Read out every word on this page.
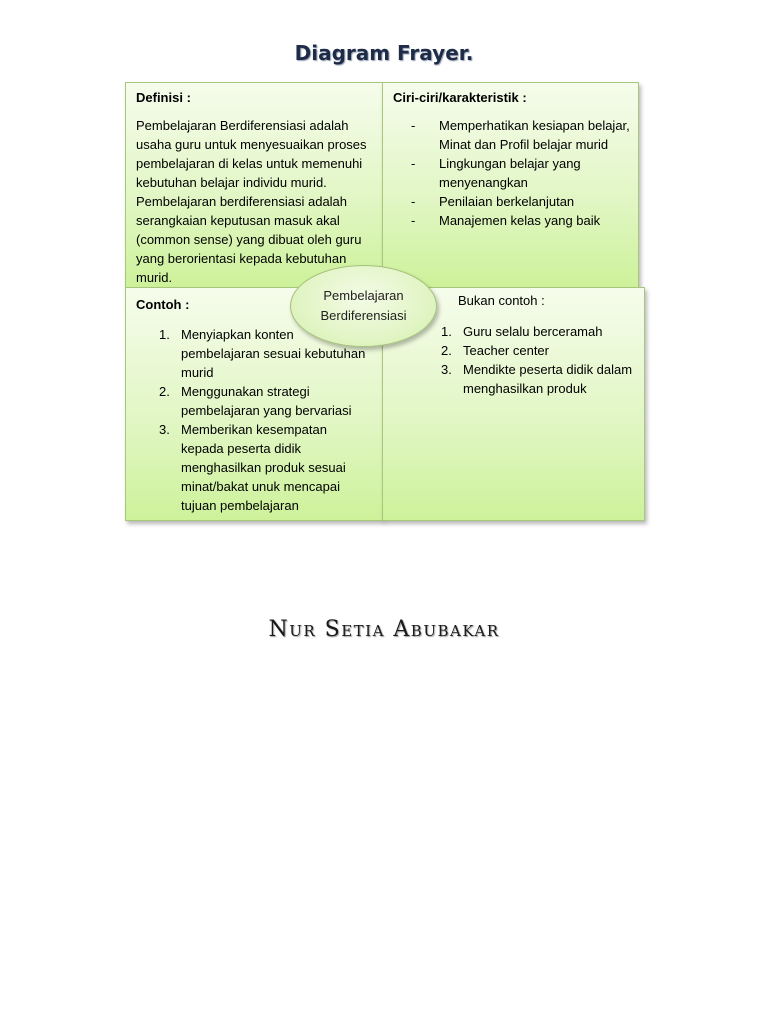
Diagram Frayer.
Definisi :
Pembelajaran Berdiferensiasi adalah
usaha guru untuk menyesuaikan proses
pembelajaran di kelas untuk memenuhi
kebutuhan belajar individu murid.
Pembelajaran berdiferensiasi adalah
serangkaian keputusan masuk akal
(common sense) yang dibuat oleh guru
yang berorientasi kepada kebutuhan
murid.
Ciri-ciri/karakteristik :
- Memperhatikan kesiapan belajar, Minat dan Profil belajar murid
- Lingkungan belajar yang menyenangkan
- Penilaian berkelanjutan
- Manajemen kelas yang baik
Contoh :
1. Menyiapkan konten pembelajaran sesuai kebutuhan murid
2. Menggunakan strategi pembelajaran yang bervariasi
3. Memberikan kesempatan kepada peserta didik menghasilkan produk sesuai minat/bakat unuk mencapai tujuan pembelajaran
Bukan contoh :
1. Guru selalu berceramah
2. Teacher center
3. Mendikte peserta didik dalam menghasilkan produk
Pembelajaran
Berdiferensiasi
Nur Setia Abubakar
